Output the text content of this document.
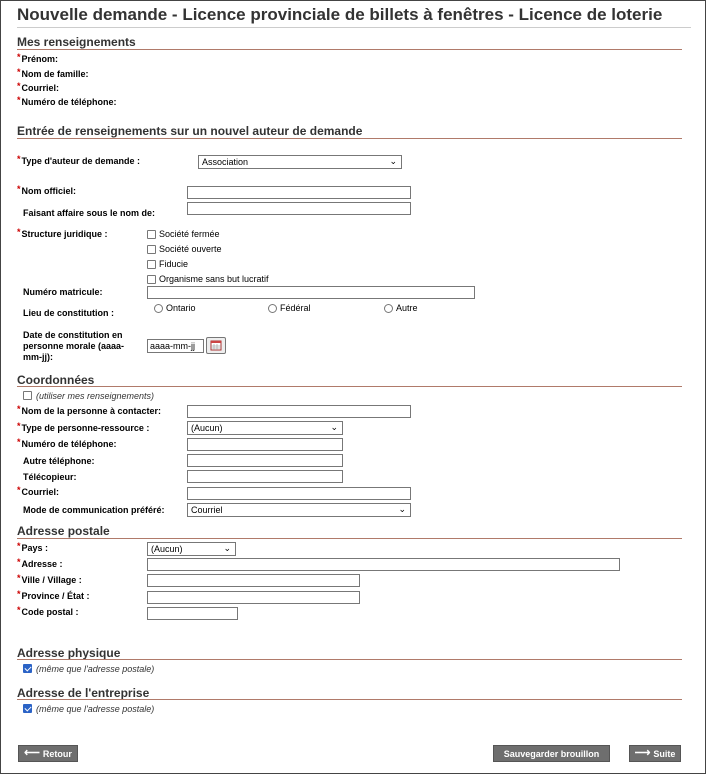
Nouvelle demande - Licence provinciale de billets à fenêtres - Licence de loterie
Mes renseignements
*Prénom:
*Nom de famille:
*Courriel:
*Numéro de téléphone:
Entrée de renseignements sur un nouvel auteur de demande
*Type d'auteur de demande :	Association	⌄
*Nom officiel:
Faisant affaire sous le nom de:
*Structure juridique :	Société fermée
Société ouverte
Fiducie
Organisme sans but lucratif
Numéro matricule:
Lieu de constitution :	Ontario	Fédéral	Autre
Date de constitution en personne morale (aaaa-mm-jj):
aaaa-mm-jj
Coordonnées
(utiliser mes renseignements)
*Nom de la personne à contacter:
*Type de personne-ressource :	(Aucun)	⌄
*Numéro de téléphone:
Autre téléphone:
Télécopieur:
*Courriel:
Mode de communication préféré:	Courriel	⌄
Adresse postale
*Pays :	(Aucun)	⌄
*Adresse :
*Ville / Village :
*Province / État :
*Code postal :
Adresse physique
(même que l'adresse postale)
Adresse de l'entreprise
(même que l'adresse postale)
⟵ Retour	Sauvegarder brouillon	⟶ Suite
